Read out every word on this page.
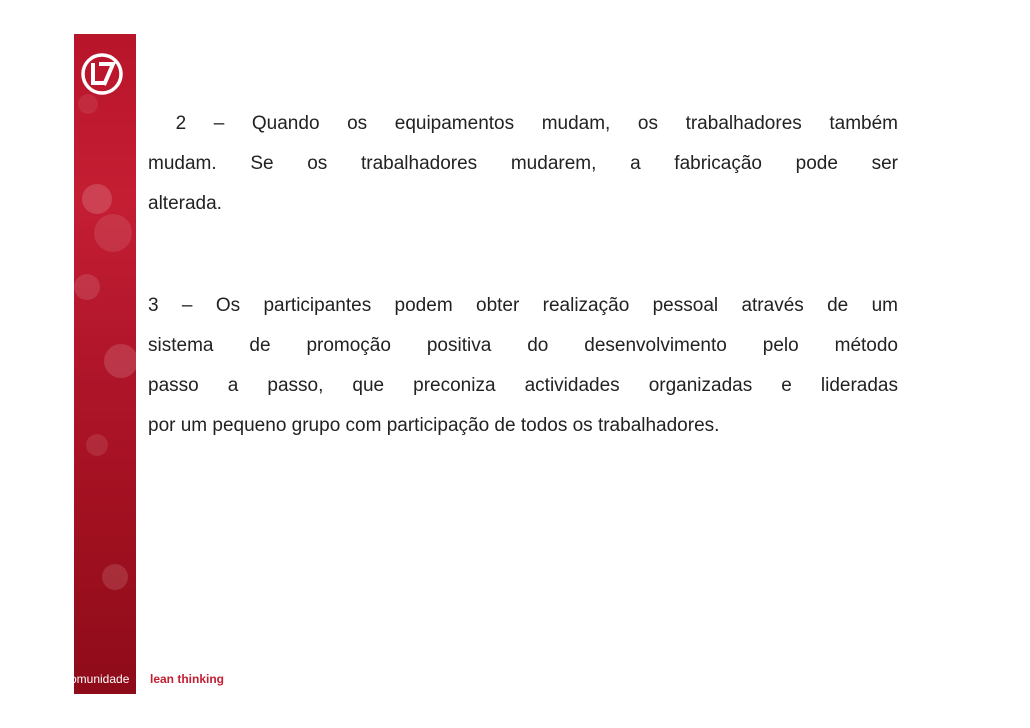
comunidade	lean thinking
2 – Quando os equipamentos mudam, os trabalhadores também
mudam. Se os trabalhadores mudarem, a fabricação pode ser
alterada.
3 – Os participantes podem obter realização pessoal através de um
sistema de promoção positiva do desenvolvimento pelo método
passo a passo, que preconiza actividades organizadas e lideradas
por um pequeno grupo com participação de todos os trabalhadores.
